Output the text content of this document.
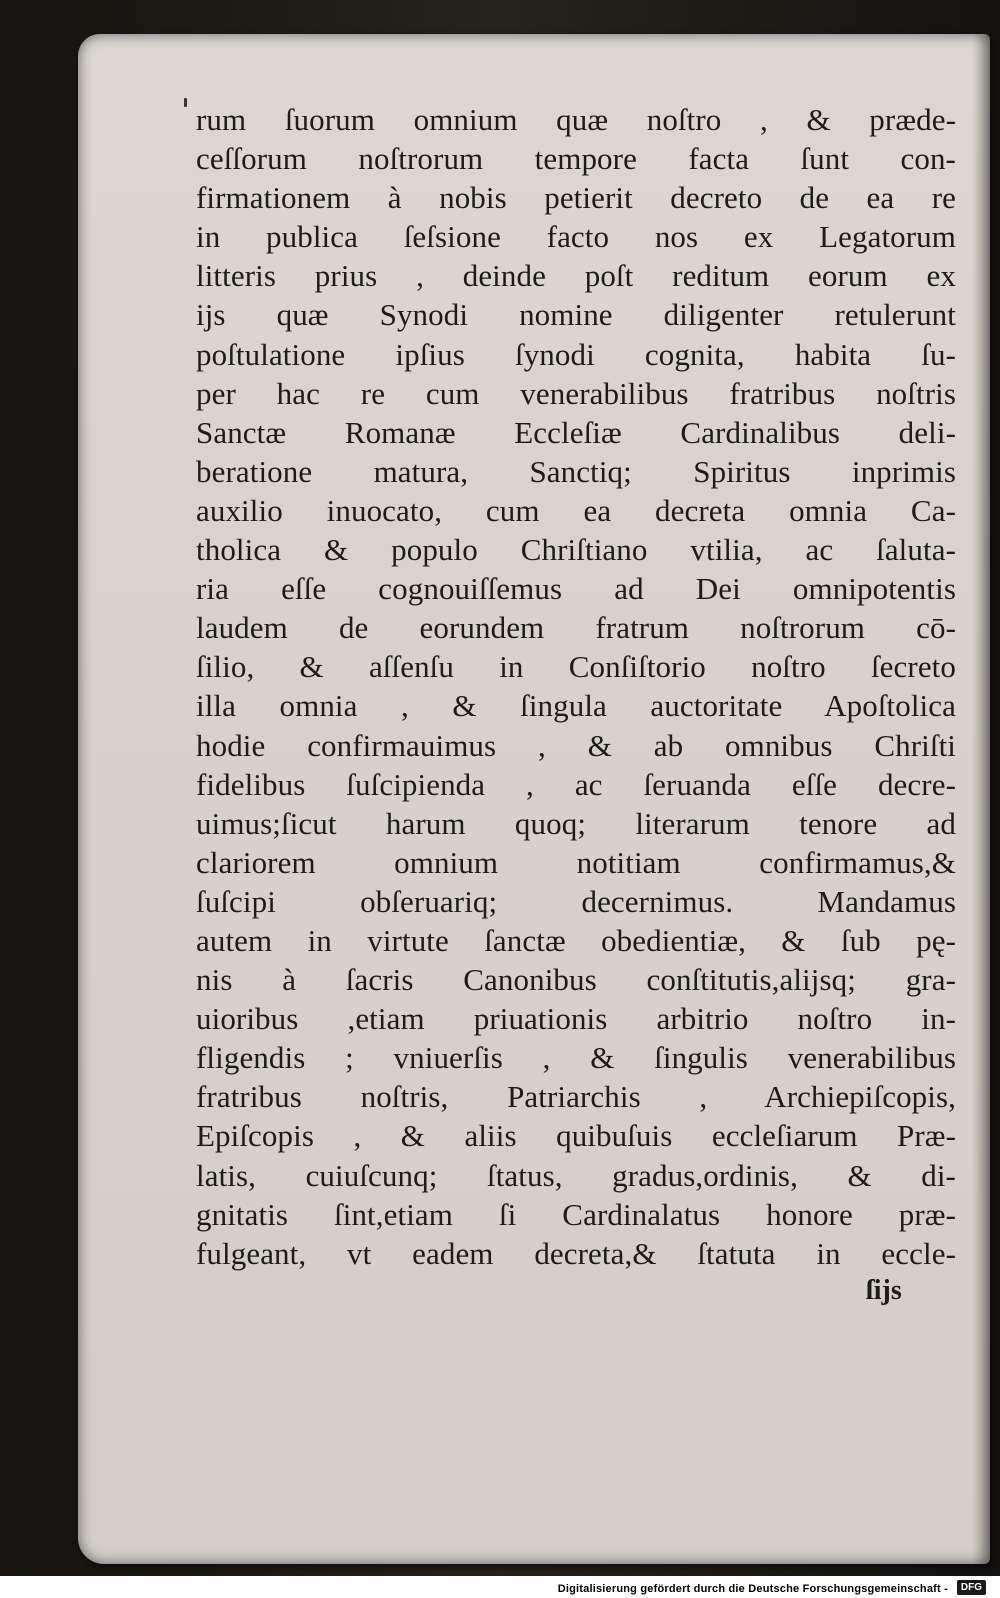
rum ſuorum omnium quæ noſtro , & præde-
ceſſorum noſtrorum tempore facta ſunt con-
firmationem à nobis petierit decreto de ea re
in publica ſeſsione facto nos ex Legatorum
litteris prius , deinde poſt reditum eorum ex
ijs quæ Synodi nomine diligenter retulerunt
poſtulatione ipſius ſynodi cognita, habita ſu-
per hac re cum venerabilibus fratribus noſtris
Sanctæ Romanæ Eccleſiæ Cardinalibus deli-
beratione matura, Sanctiq; Spiritus inprimis
auxilio inuocato, cum ea decreta omnia Ca-
tholica & populo Chriſtiano vtilia, ac ſaluta-
ria eſſe cognouiſſemus ad Dei omnipotentis
laudem de eorundem fratrum noſtrorum cō-
ſilio, & aſſenſu in Conſiſtorio noſtro ſecreto
illa omnia , & ſingula auctoritate Apoſtolica
hodie confirmauimus , & ab omnibus Chriſti
fidelibus ſuſcipienda , ac ſeruanda eſſe decre-
uimus;ſicut harum quoq; literarum tenore ad
clariorem omnium notitiam confirmamus,&
ſuſcipi obſeruariq; decernimus. Mandamus
autem in virtute ſanctæ obedientiæ, & ſub pę-
nis à ſacris Canonibus conſtitutis,alijsq; gra-
uioribus ,etiam priuationis arbitrio noſtro in-
fligendis ; vniuerſis , & ſingulis venerabilibus
fratribus noſtris, Patriarchis , Archiepiſcopis,
Epiſcopis , & aliis quibuſuis eccleſiarum Præ-
latis, cuiuſcunq; ſtatus, gradus,ordinis, & di-
gnitatis ſint,etiam ſi Cardinalatus honore præ-
fulgeant, vt eadem decreta,& ſtatuta in eccle-
ſijs
Digitalisierung gefördert durch die Deutsche Forschungsgemeinschaft -	DFG
